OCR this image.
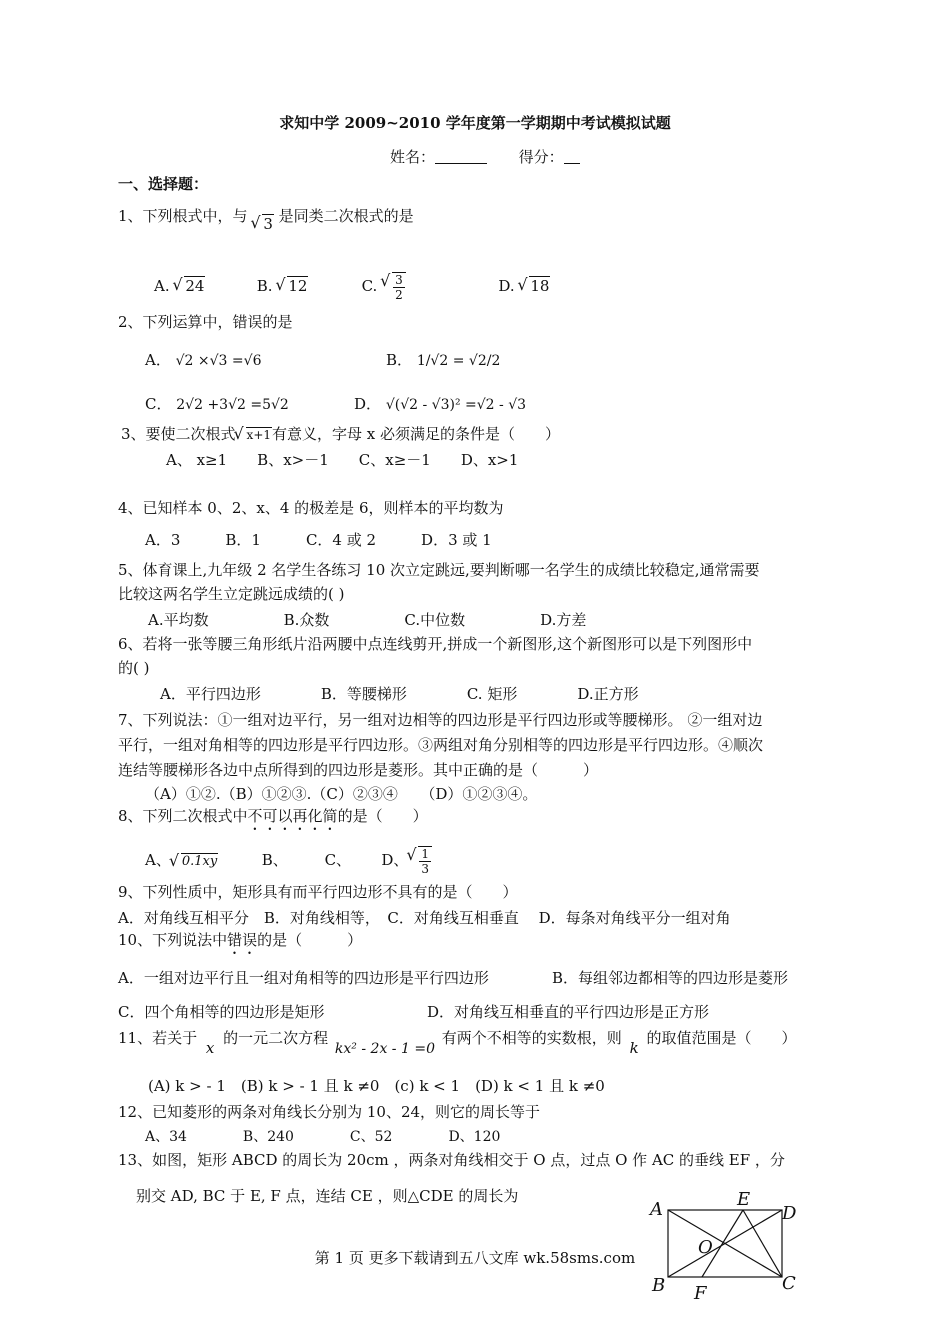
求知中学 2009~2010 学年度第一学期期中考试模拟试题
姓名：	得分：
一、选择题：
1、下列根式中，与 √ 3 是同类二次根式的是
A. √ 24	B. √ 12	C. √ $\frac{3}{2}$	D. √ 18
2、下列运算中，错误的是
A． √2 ×√3 =√6	B． 1/√2 = √2/2
C． 2√2 +3√2 =5√2	D． √(√2 - √3)² =√2 - √3
3、要使二次根式 √ x+1有意义，字母 x 必须满足的条件是（　　）
A、 x≥1　　B、x>－1　　C、x≥－1　　D、x>1
4、已知样本 0、2、x、4 的极差是 6，则样本的平均数为
A．3　　　B．1　　　C．4 或 2　　　D．3 或 1
5、体育课上,九年级 2 名学生各练习 10 次立定跳远,要判断哪一名学生的成绩比较稳定,通常需要
比较这两名学生立定跳远成绩的( )
A.平均数　　　　　B.众数　　　　　C.中位数　　　　　D.方差
6、若将一张等腰三角形纸片沿两腰中点连线剪开,拼成一个新图形,这个新图形可以是下列图形中
的( )
A．平行四边形　　　　B．等腰梯形　　　　C. 矩形　　　　D.正方形
7、下列说法：①一组对边平行，另一组对边相等的四边形是平行四边形或等腰梯形。 ②一组对边
平行，一组对角相等的四边形是平行四边形。③两组对角分别相等的四边形是平行四边形。④顺次
连结等腰梯形各边中点所得到的四边形是菱形。其中正确的是（　　　）
（A）①②.（B）①②③.（C）②③④　　（D）①②③④。
8、下列二次根式中不可以再化简的是（　　）
A、 √ 0.1xy	B、 C、 D、 √ $\frac{1}{3}$
9、下列性质中，矩形具有而平行四边形不具有的是（　　）
A．对角线互相平分　B．对角线相等，　C．对角线互相垂直　 D．每条对角线平分一组对角
10、下列说法中错误的是（　　　）
A．一组对边平行且一组对角相等的四边形是平行四边形	B．每组邻边都相等的四边形是菱形
C．四个角相等的四边形是矩形	D．对角线互相垂直的平行四边形是正方形
11、若关于 x 的一元二次方程 kx² - 2x - 1 =0 有两个不相等的实数根，则 k 的取值范围是（　　）
(A) k > - 1　(B) k > - 1 且 k ≠0　(c) k < 1　(D) k < 1 且 k ≠0
12、已知菱形的两条对角线长分别为 10、24，则它的周长等于
A、34　　　　B、240　　　　C、52　　　　D、120
13、如图，矩形 ABCD 的周长为 20cm ，两条对角线相交于 O 点，过点 O 作 AC 的垂线 EF ，分
别交 AD, BC 于 E, F 点，连结 CE ，则△CDE 的周长为
A
B	C
D
E
F
O
第 1 页 更多下载请到五八文库 wk.58sms.com
